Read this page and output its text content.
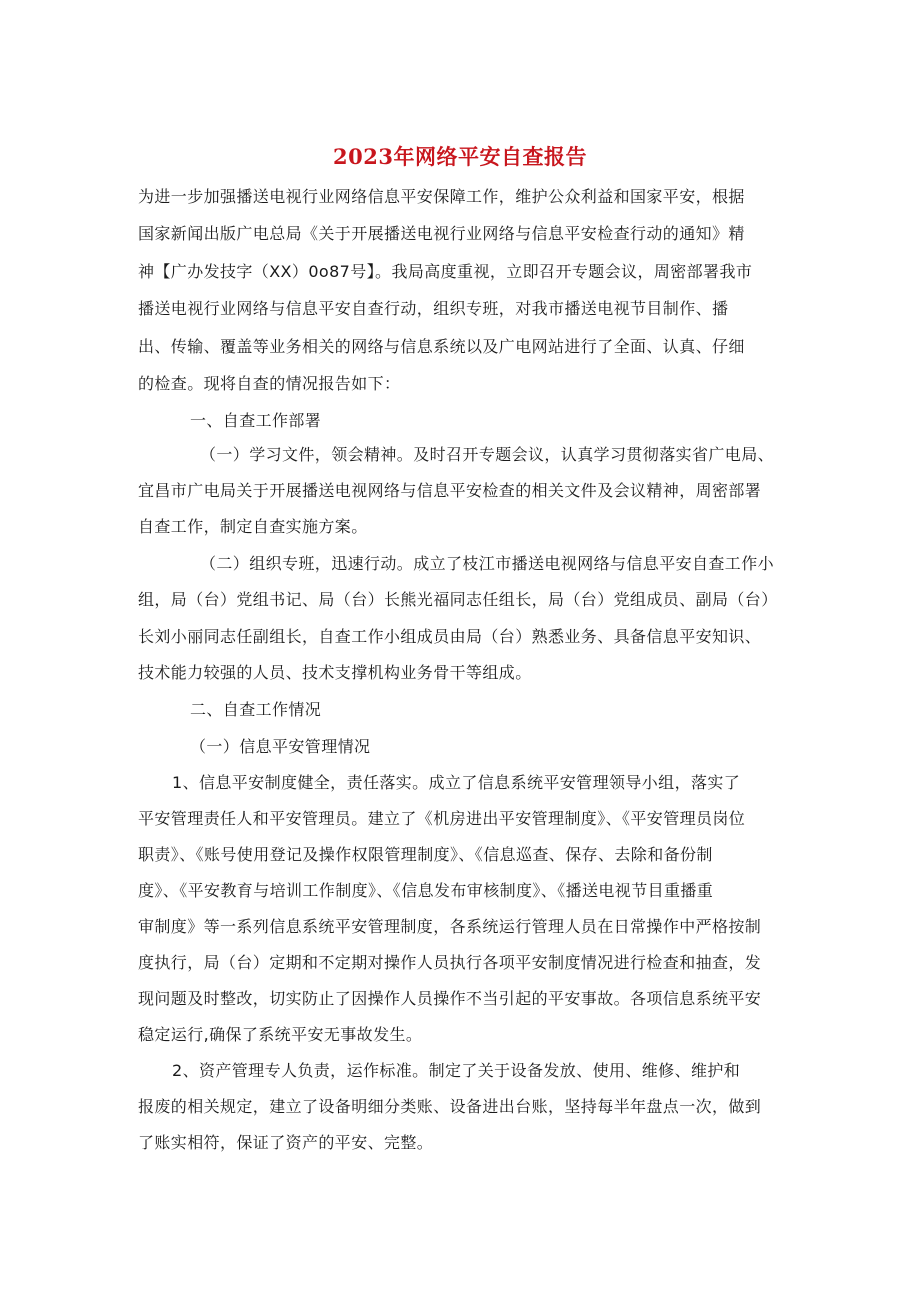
2023年网络平安自查报告

为进一步加强播送电视行业网络信息平安保障工作，维护公众利益和国家平安，根据

国家新闻出版广电总局《关于开展播送电视行业网络与信息平安检查行动的通知》精

神【广办发技字（XX）0o87号】。我局高度重视，立即召开专题会议，周密部署我市

播送电视行业网络与信息平安自查行动，组织专班，对我市播送电视节目制作、播

出、传输、覆盖等业务相关的网络与信息系统以及广电网站进行了全面、认真、仔细

的检查。现将自查的情况报告如下：

一、自查工作部署

（一）学习文件，领会精神。及时召开专题会议，认真学习贯彻落实省广电局、

宜昌市广电局关于开展播送电视网络与信息平安检查的相关文件及会议精神，周密部署

自查工作，制定自查实施方案。

（二）组织专班，迅速行动。成立了枝江市播送电视网络与信息平安自查工作小

组，局（台）党组书记、局（台）长熊光福同志任组长，局（台）党组成员、副局（台）

长刘小丽同志任副组长，自查工作小组成员由局（台）熟悉业务、具备信息平安知识、

技术能力较强的人员、技术支撑机构业务骨干等组成。

二、自查工作情况

（一）信息平安管理情况

1、信息平安制度健全，责任落实。成立了信息系统平安管理领导小组，落实了

平安管理责任人和平安管理员。建立了《机房进出平安管理制度》、《平安管理员岗位

职责》、《账号使用登记及操作权限管理制度》、《信息巡查、保存、去除和备份制

度》、《平安教育与培训工作制度》、《信息发布审核制度》、《播送电视节目重播重

审制度》等一系列信息系统平安管理制度，各系统运行管理人员在日常操作中严格按制

度执行，局（台）定期和不定期对操作人员执行各项平安制度情况进行检查和抽查，发

现问题及时整改，切实防止了因操作人员操作不当引起的平安事故。各项信息系统平安

稳定运行,确保了系统平安无事故发生。

2、资产管理专人负责，运作标准。制定了关于设备发放、使用、维修、维护和

报废的相关规定，建立了设备明细分类账、设备进出台账，坚持每半年盘点一次，做到

了账实相符，保证了资产的平安、完整。
